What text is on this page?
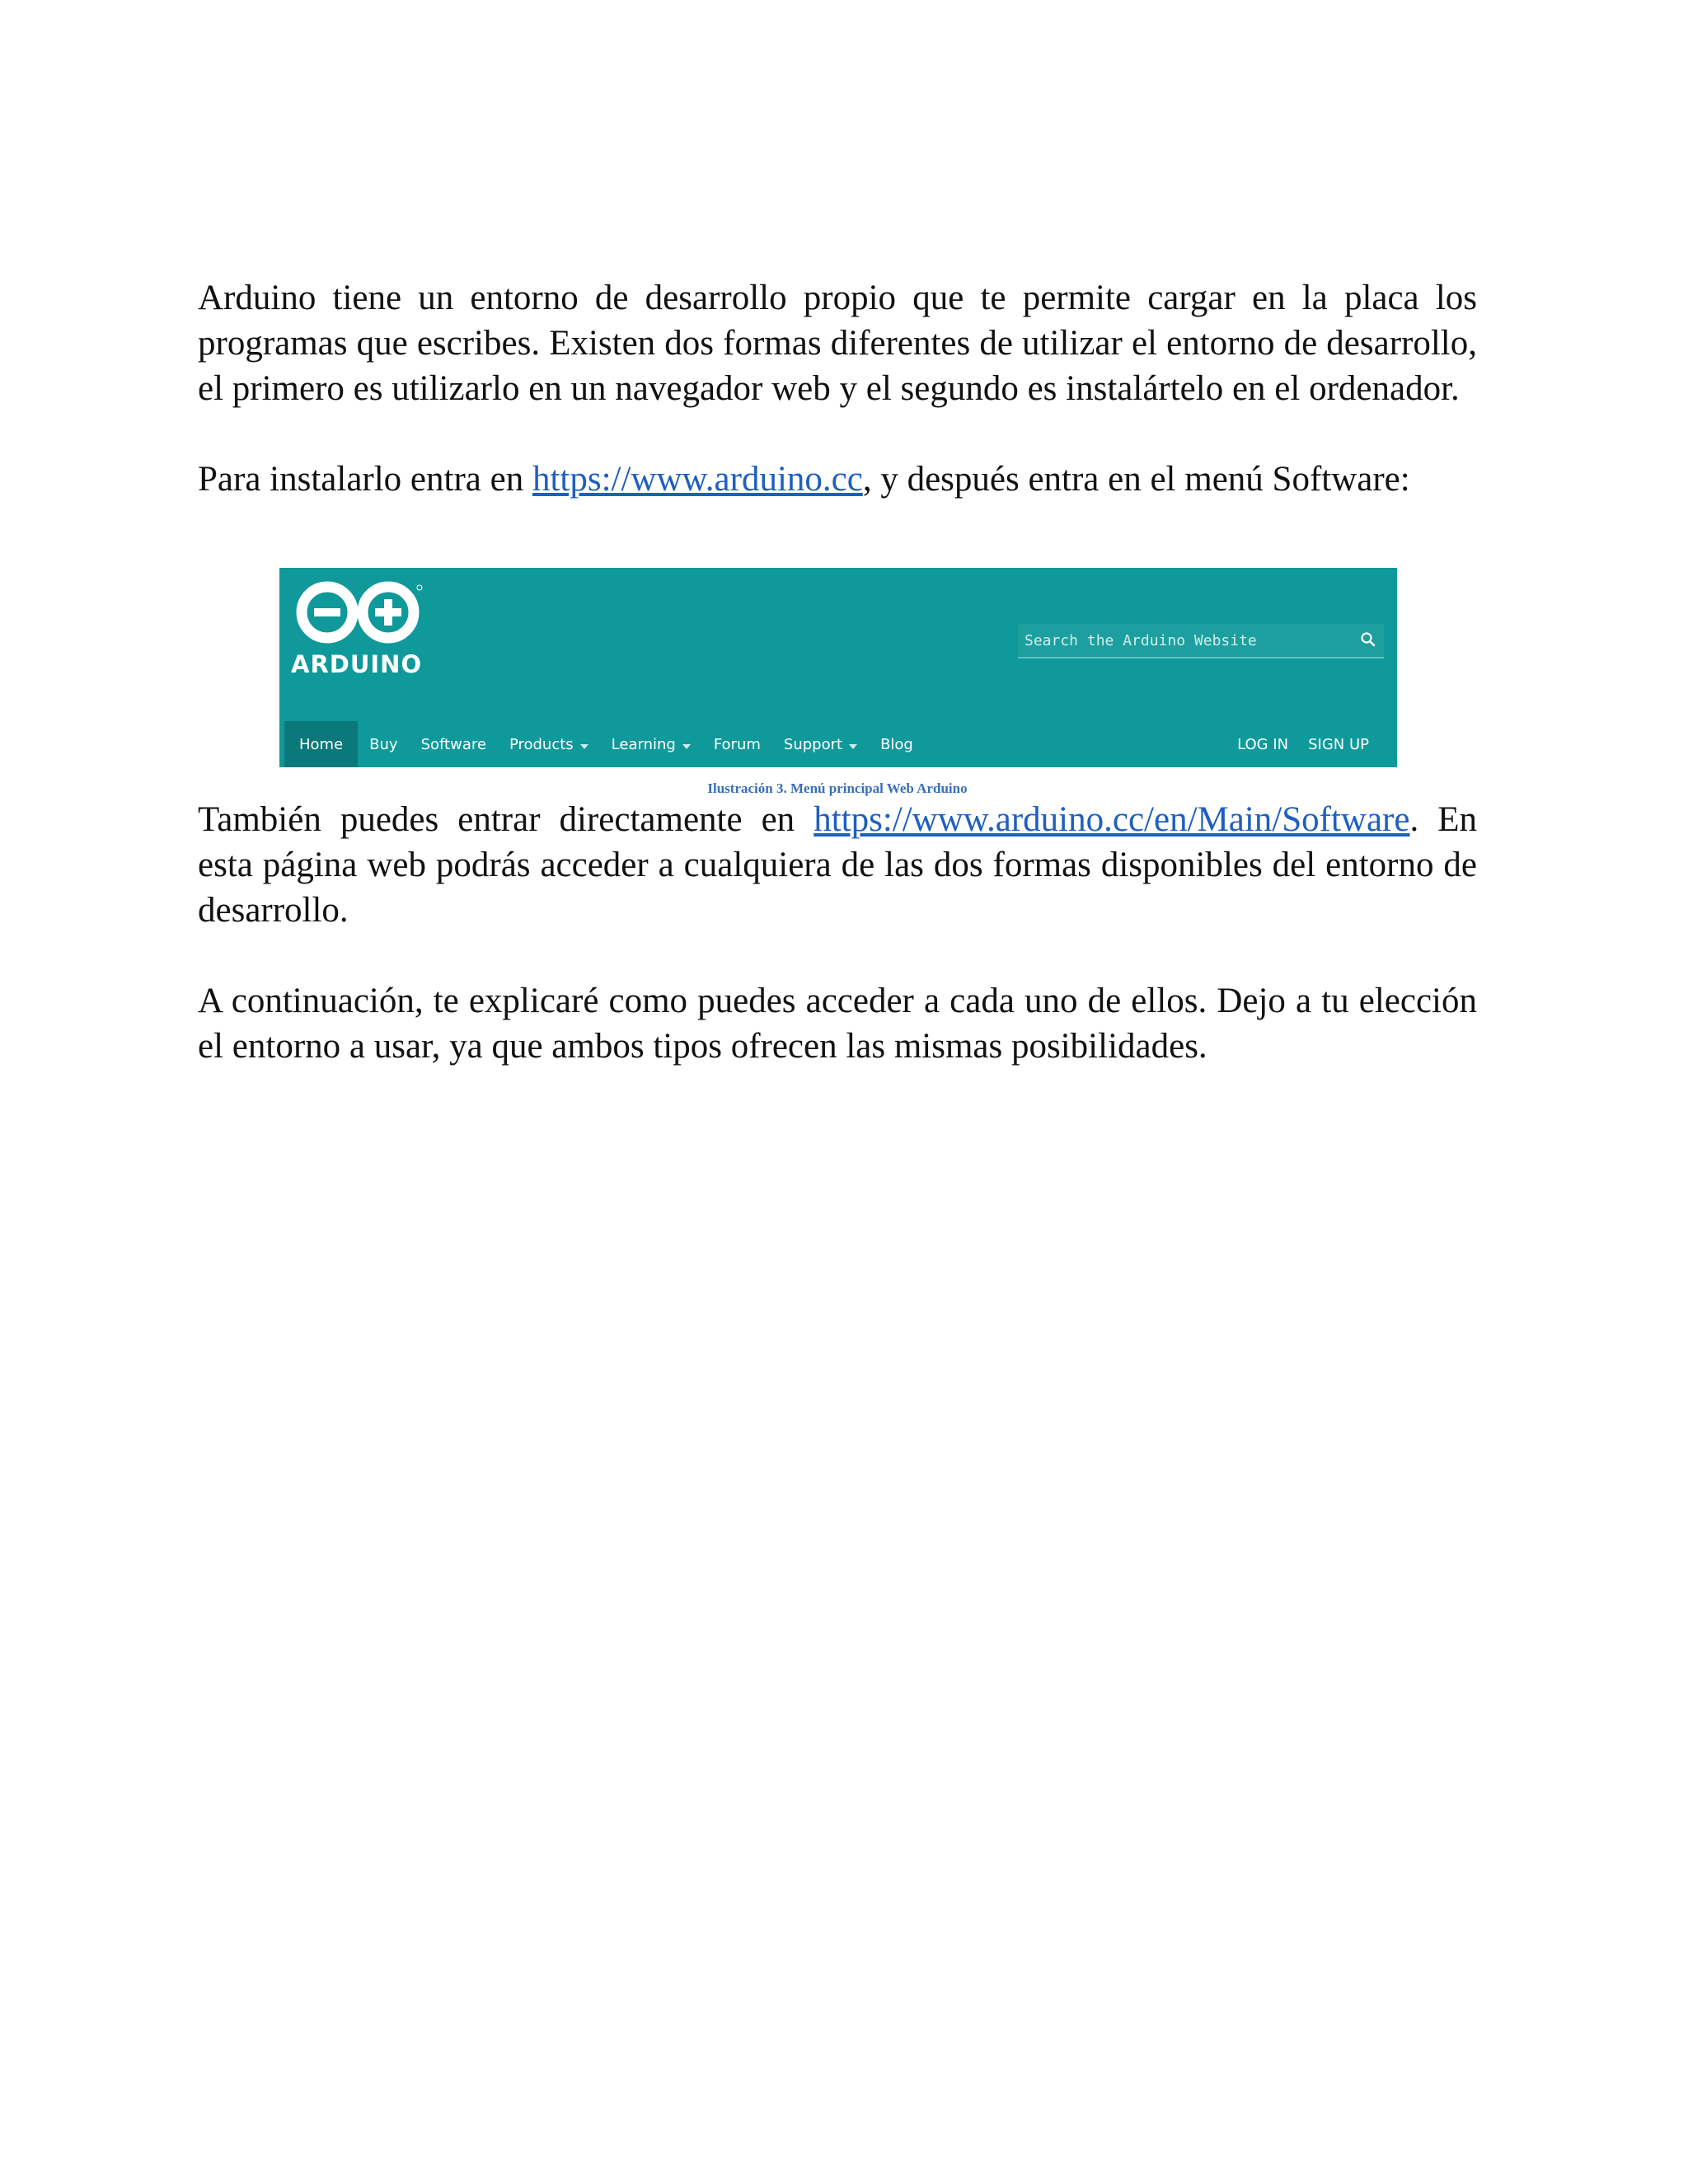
Arduino tiene un entorno de desarrollo propio que te permite cargar en la placa los programas que escribes. Existen dos formas diferentes de utilizar el entorno de desarrollo, el primero es utilizarlo en un navegador web y el segundo es instalártelo en el ordenador.

Para instalarlo entra en https://www.arduino.cc, y después entra en el menú Software:

ARDUINO
Search the Arduino Website
Home	Buy	Software	Products	Learning	Forum	Support	Blog	LOG IN	SIGN UP
Ilustración 3. Menú principal Web Arduino

También puedes entrar directamente en https://www.arduino.cc/en/Main/Software. En esta página web podrás acceder a cualquiera de las dos formas disponibles del entorno de desarrollo.

A continuación, te explicaré como puedes acceder a cada uno de ellos. Dejo a tu elección el entorno a usar, ya que ambos tipos ofrecen las mismas posibilidades.
